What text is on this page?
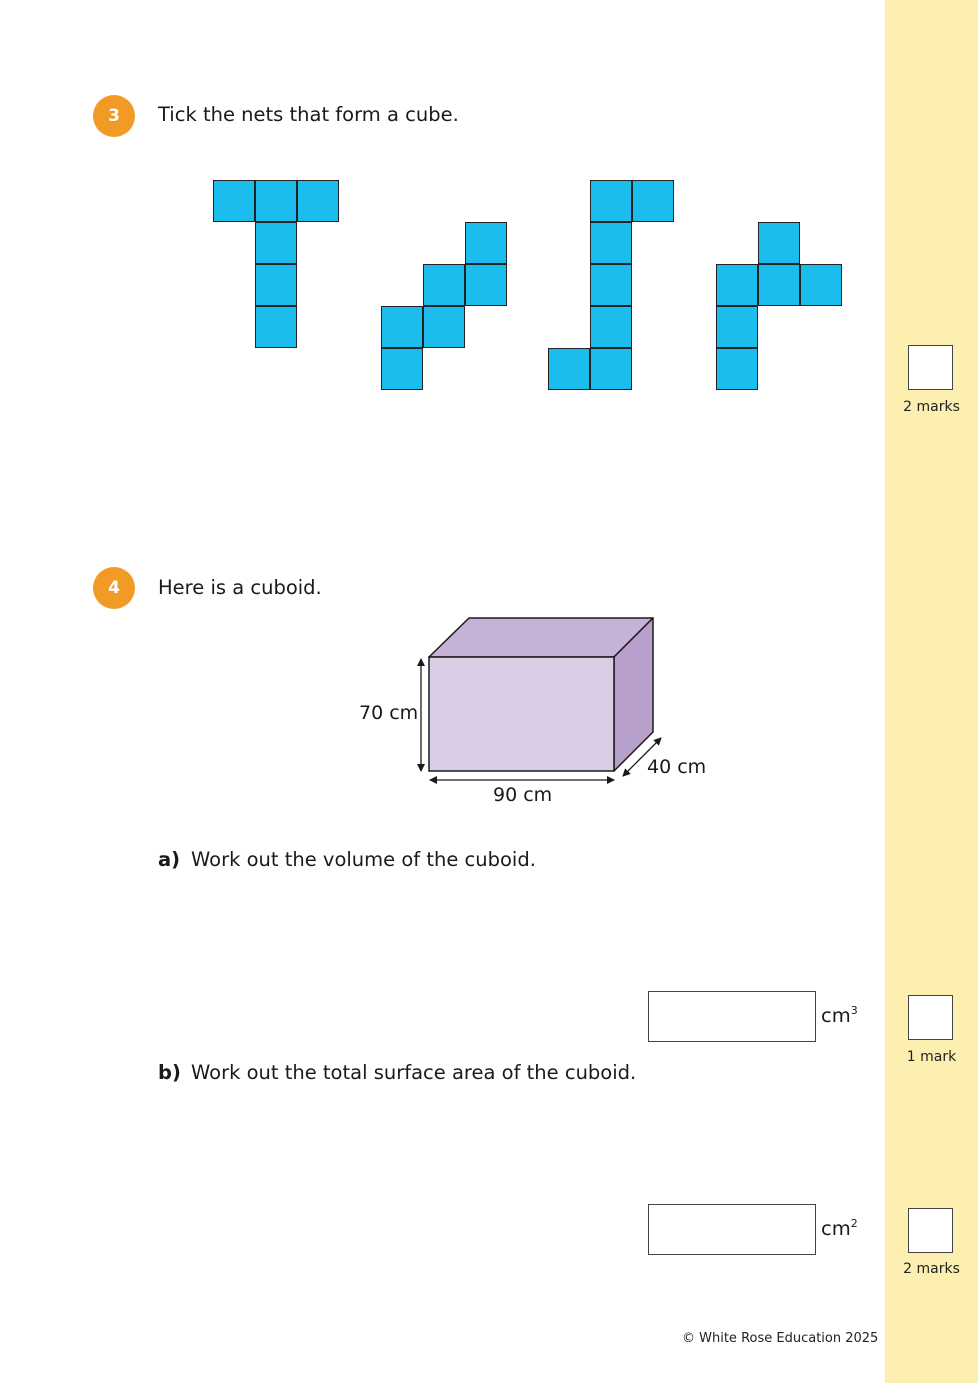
3 Tick the nets that form a cube.
2 marks
4 Here is a cuboid.
70 cm
90 cm
40 cm
a) Work out the volume of the cuboid.
$cm^3$
1 mark
b) Work out the total surface area of the cuboid.
$cm^2$
2 marks
© White Rose Education 2025
